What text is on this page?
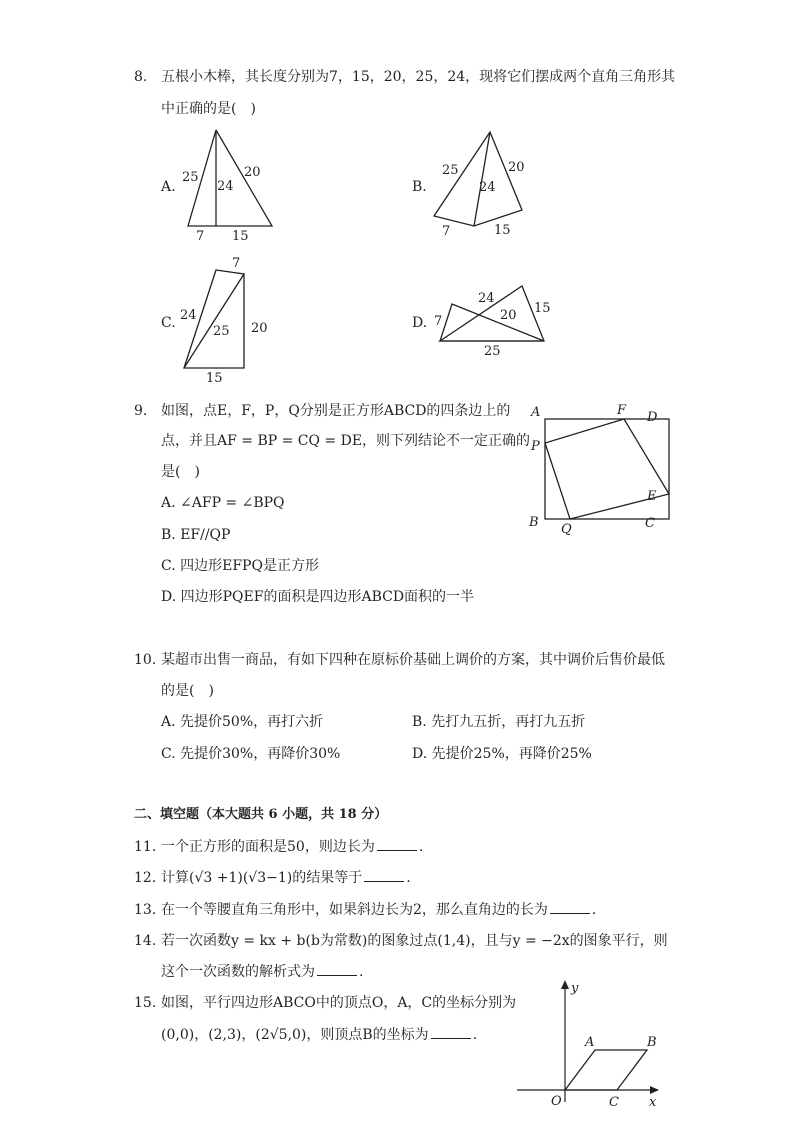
8. 五根小木棒，其长度分别为7，15，20，25，24，现将它们摆成两个直角三角形其
中正确的是(　)
A.
25
24
20
7 15
B.
25
24
20
7	15
C.
7
24
25 20
15
D. 7
24
20 15
25
9. 如图，点E，F，P，Q分别是正方形ABCD的四条边上的
点，并且AF = BP = CQ = DE，则下列结论不一定正确的
是(　)
A. ∠AFP = ∠BPQ
B. EF//QP
C. 四边形EFPQ是正方形
D. 四边形PQEF的面积是四边形ABCD面积的一半
A	F D
P
E
B Q	C
10. 某超市出售一商品，有如下四种在原标价基础上调价的方案，其中调价后售价最低
的是(　)
A. 先提价50%，再打六折	B. 先打九五折，再打九五折
C. 先提价30%，再降价30%	D. 先提价25%，再降价25%
二、填空题（本大题共 6 小题，共 18 分）
11. 一个正方形的面积是50，则边长为	.
12. 计算(√3 +1)(√3−1)的结果等于	.
13. 在一个等腰直角三角形中，如果斜边长为2，那么直角边的长为	.
14. 若一次函数y = kx + b(b为常数)的图象过点(1,4)，且与y = −2x的图象平行，则
这个一次函数的解析式为	.
15. 如图，平行四边形ABCO中的顶点O，A，C的坐标分别为
(0,0)，(2,3)，(2√5,0)，则顶点B的坐标为	.
y
x
A	B
O	C
